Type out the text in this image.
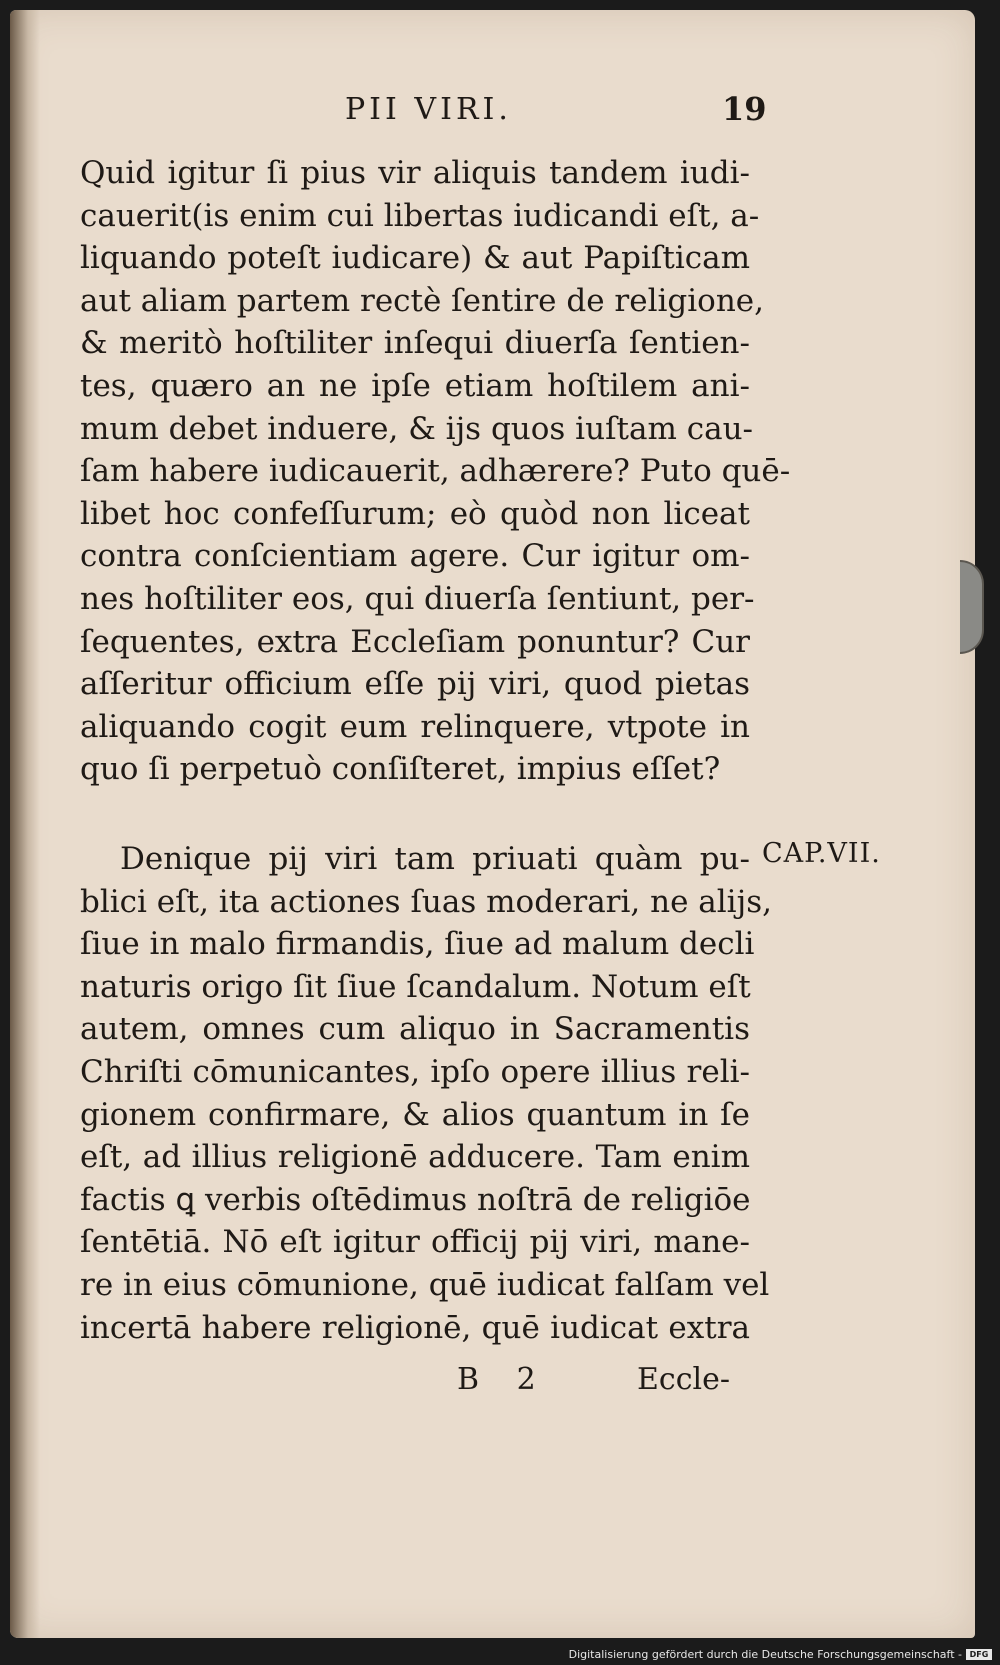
PII VIRI.	19
Quid igitur ſi pius vir aliquis tandem iudi-
cauerit(is enim cui libertas iudicandi eſt, a-
liquando poteſt iudicare) & aut Papiſticam
aut aliam partem rectè ſentire de religione,
& meritò hoſtiliter inſequi diuerſa ſentien-
tes, quæro an ne ipſe etiam hoſtilem ani-
mum debet induere, & ijs quos iuſtam cau-
ſam habere iudicauerit, adhærere? Puto quē-
libet hoc confeſſurum; eò quòd non liceat
contra conſcientiam agere. Cur igitur om-
nes hoſtiliter eos, qui diuerſa ſentiunt, per-
ſequentes, extra Eccleſiam ponuntur? Cur
aſſeritur officium eſſe pij viri, quod pietas
aliquando cogit eum relinquere, vtpote in
quo ſi perpetuò conſiſteret, impius eſſet?
CAP.VII.
Denique pij viri tam priuati quàm pu-
blici eſt, ita actiones ſuas moderari, ne alijs,
ſiue in malo firmandis, ſiue ad malum decli
naturis origo ſit ſiue ſcandalum. Notum eſt
autem, omnes cum aliquo in Sacramentis
Chriſti cōmunicantes, ipſo opere illius reli-
gionem confirmare, & alios quantum in ſe
eſt, ad illius religionē adducere. Tam enim
factis ꝗ verbis oſtēdimus noſtrā de religiōe
ſentētiā. Nō eſt igitur officij pij viri, mane-
re in eius cōmunione, quē iudicat falſam vel
incertā habere religionē, quē iudicat extra
B 2	Eccle-
Digitalisierung gefördert durch die Deutsche Forschungsgemeinschaft - DFG
